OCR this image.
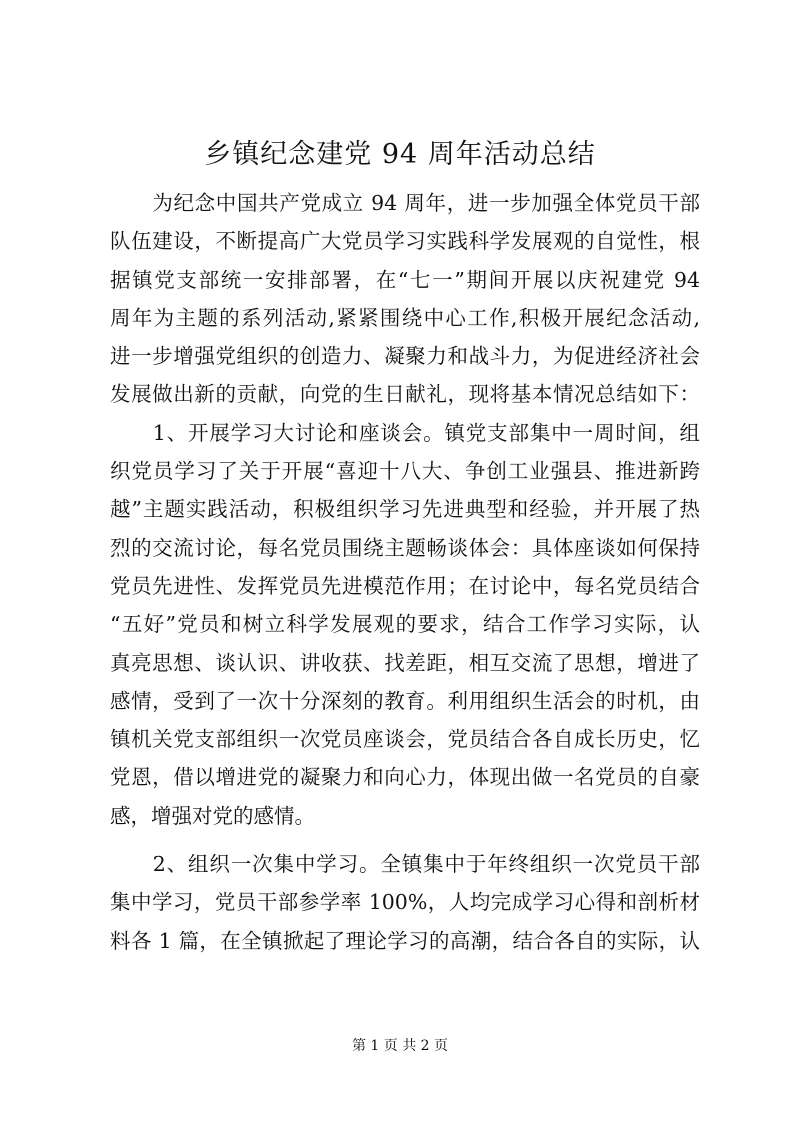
乡镇纪念建党 94 周年活动总结

　　为纪念中国共产党成立 94 周年，进一步加强全体党员干部

队伍建设，不断提高广大党员学习实践科学发展观的自觉性，根

据镇党支部统一安排部署，在“七一”期间开展以庆祝建党 94

周年为主题的系列活动,紧紧围绕中心工作,积极开展纪念活动,

进一步增强党组织的创造力、凝聚力和战斗力，为促进经济社会

发展做出新的贡献，向党的生日献礼，现将基本情况总结如下：

　　1、开展学习大讨论和座谈会。镇党支部集中一周时间，组

织党员学习了关于开展“喜迎十八大、争创工业强县、推进新跨

越”主题实践活动，积极组织学习先进典型和经验，并开展了热

烈的交流讨论，每名党员围绕主题畅谈体会：具体座谈如何保持

党员先进性、发挥党员先进模范作用；在讨论中，每名党员结合

“五好”党员和树立科学发展观的要求，结合工作学习实际，认

真亮思想、谈认识、讲收获、找差距，相互交流了思想，增进了

感情，受到了一次十分深刻的教育。利用组织生活会的时机，由

镇机关党支部组织一次党员座谈会，党员结合各自成长历史，忆

党恩，借以增进党的凝聚力和向心力，体现出做一名党员的自豪

感，增强对党的感情。

　　2、组织一次集中学习。全镇集中于年终组织一次党员干部

集中学习，党员干部参学率 100%，人均完成学习心得和剖析材

料各 1 篇，在全镇掀起了理论学习的高潮，结合各自的实际，认

第 1 页 共 2 页
